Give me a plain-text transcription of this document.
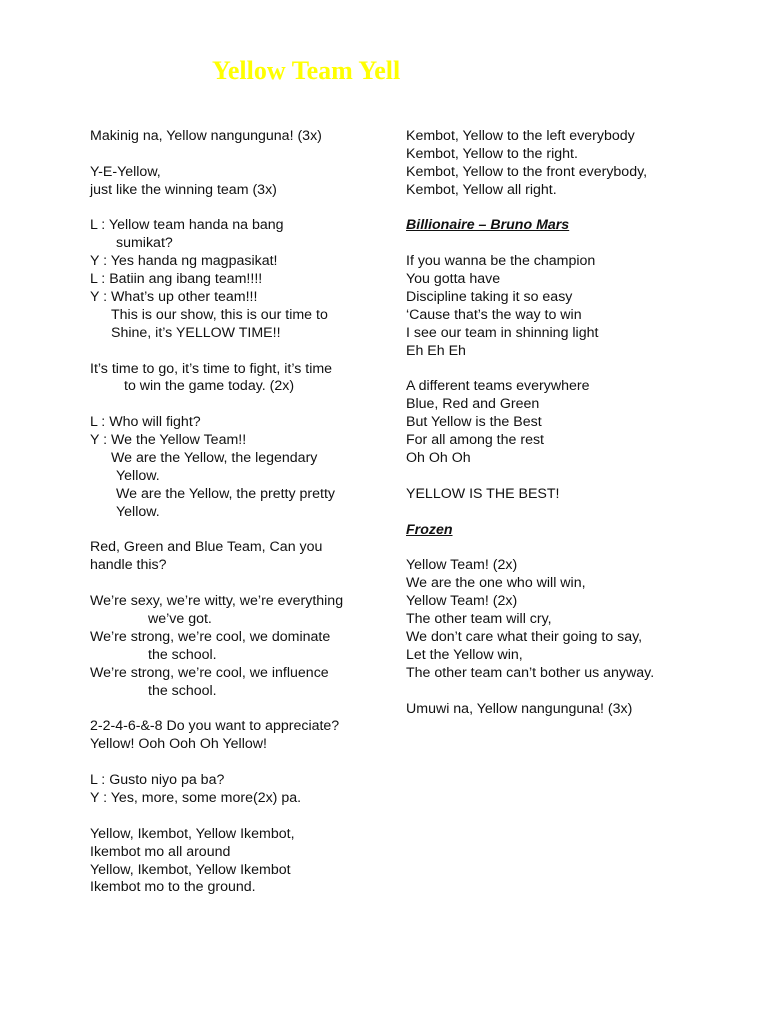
Yellow Team Yell
Makinig na, Yellow nangunguna! (3x)
Y-E-Yellow,
just like the winning team (3x)
L : Yellow team handa na bang
sumikat?
Y : Yes handa ng magpasikat!
L : Batiin ang ibang team!!!!
Y : What’s up other team!!!
This is our show, this is our time to
Shine, it’s YELLOW TIME!!
It’s time to go, it’s time to fight, it’s time
to win the game today. (2x)
L : Who will fight?
Y : We the Yellow Team!!
We are the Yellow, the legendary
Yellow.
We are the Yellow, the pretty pretty
Yellow.
Red, Green and Blue Team, Can you
handle this?
We’re sexy, we’re witty, we’re everything
we’ve got.
We’re strong, we’re cool, we dominate
the school.
We’re strong, we’re cool, we influence
the school.
2-2-4-6-&-8 Do you want to appreciate?
Yellow! Ooh Ooh Oh Yellow!
L : Gusto niyo pa ba?
Y : Yes, more, some more(2x) pa.
Yellow, Ikembot, Yellow Ikembot,
Ikembot mo all around
Yellow, Ikembot, Yellow Ikembot
Ikembot mo to the ground.
Kembot, Yellow to the left everybody
Kembot, Yellow to the right.
Kembot, Yellow to the front everybody,
Kembot, Yellow all right.
Billionaire – Bruno Mars
If you wanna be the champion
You gotta have
Discipline taking it so easy
‘Cause that’s the way to win
I see our team in shinning light
Eh Eh Eh
A different teams everywhere
Blue, Red and Green
But Yellow is the Best
For all among the rest
Oh Oh Oh
YELLOW IS THE BEST!
Frozen
Yellow Team! (2x)
We are the one who will win,
Yellow Team! (2x)
The other team will cry,
We don’t care what their going to say,
Let the Yellow win,
The other team can’t bother us anyway.
Umuwi na, Yellow nangunguna! (3x)
